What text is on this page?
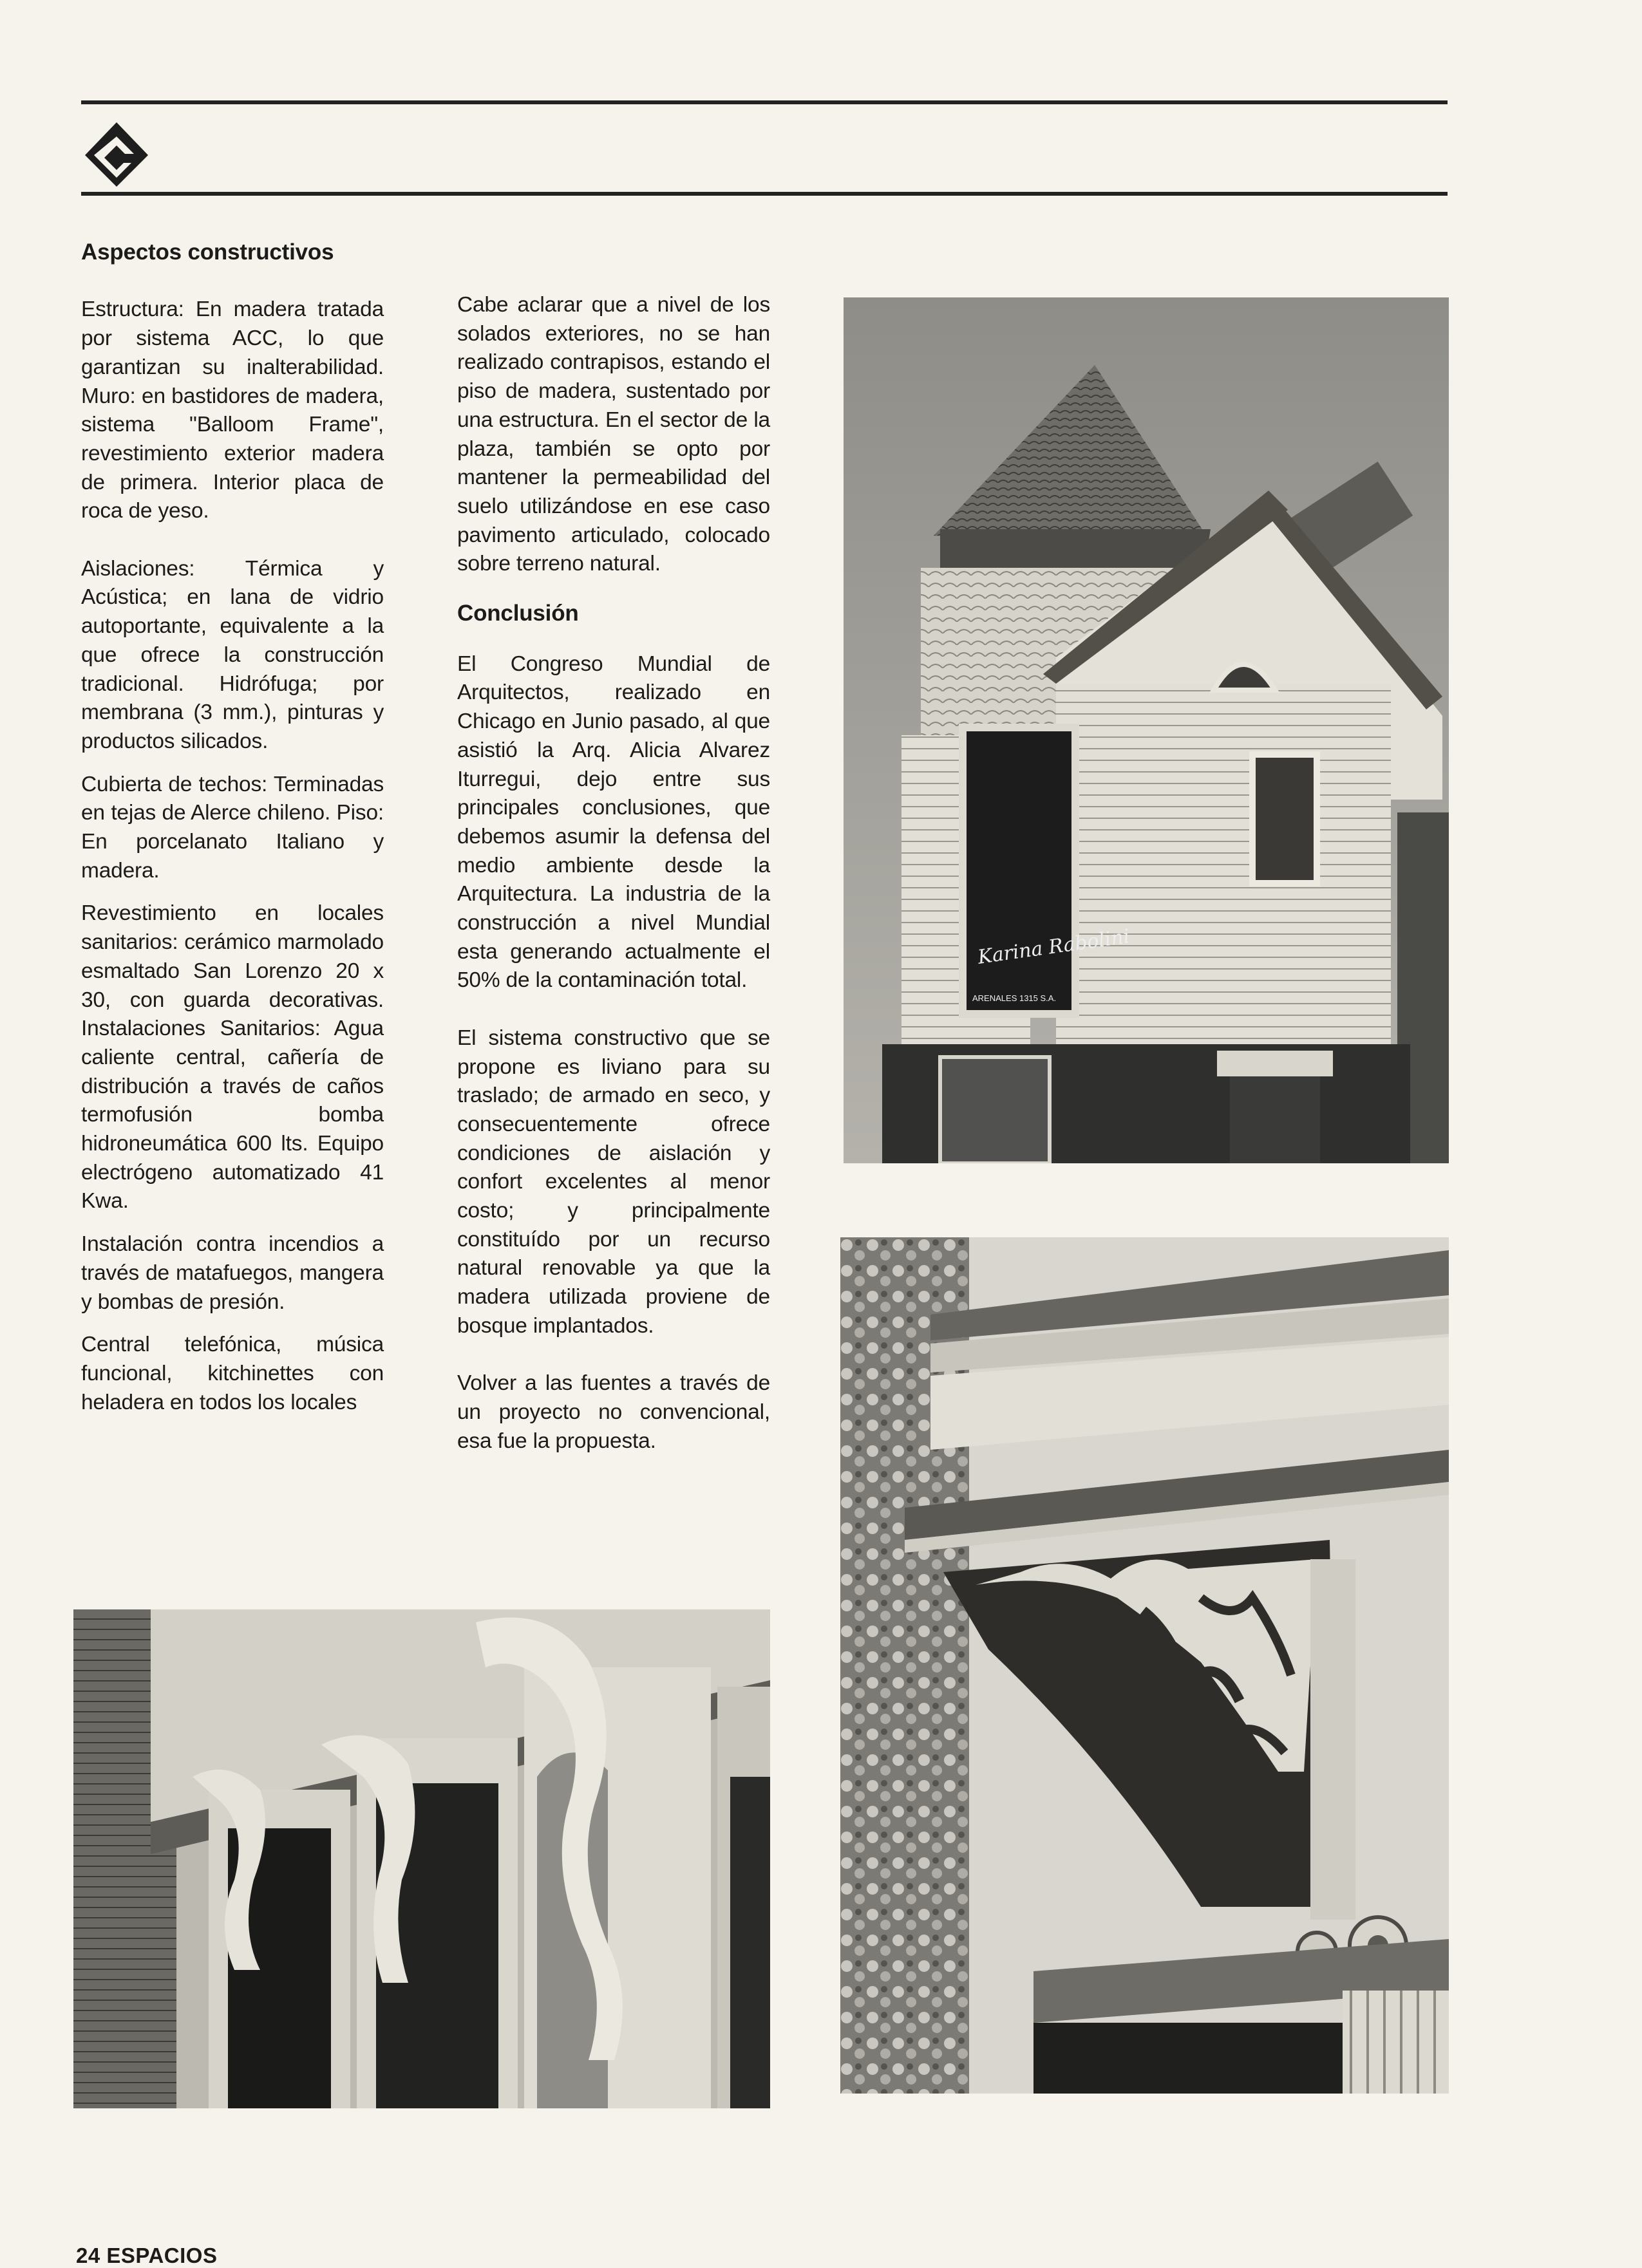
Aspectos constructivos

Estructura: En madera tratada por sistema ACC, lo que garantizan su inalterabilidad. Muro: en bastidores de madera, sistema "Balloom Frame", revestimiento exterior madera de primera. Interior placa de roca de yeso.

Aislaciones: Térmica y Acústica; en lana de vidrio autoportante, equivalente a la que ofrece la construcción tradicional. Hidrófuga; por membrana (3 mm.), pinturas y productos silicados.

Cubierta de techos: Terminadas en tejas de Alerce chileno. Piso: En porcelanato Italiano y madera.

Revestimiento en locales sanitarios: cerámico marmolado esmaltado San Lorenzo 20 x 30, con guarda decorativas. Instalaciones Sanitarios: Agua caliente central, cañería de distribución a través de caños termofusión bomba hidroneumática 600 lts. Equipo electrógeno automatizado 41 Kwa.

Instalación contra incendios a través de matafuegos, mangera y bombas de presión.

Central telefónica, música funcional, kitchinettes con heladera en todos los locales

Cabe aclarar que a nivel de los solados exteriores, no se han realizado contrapisos, estando el piso de madera, sustentado por una estructura. En el sector de la plaza, también se opto por mantener la permeabilidad del suelo utilizándose en ese caso pavimento articulado, colocado sobre terreno natural.

Conclusión

El Congreso Mundial de Arquitectos, realizado en Chicago en Junio pasado, al que asistió la Arq. Alicia Alvarez Iturregui, dejo entre sus principales conclusiones, que debemos asumir la defensa del medio ambiente desde la Arquitectura. La industria de la construcción a nivel Mundial esta generando actualmente el 50% de la contaminación total.

El sistema constructivo que se propone es liviano para su traslado; de armado en seco, y consecuentemente ofrece condiciones de aislación y confort excelentes al menor costo; y principalmente constituído por un recurso natural renovable ya que la madera utilizada proviene de bosque implantados.

Volver a las fuentes a través de un proyecto no convencional, esa fue la propuesta.

Karina Rabolini
ARENALES 1315 S.A.
24 ESPACIOS
